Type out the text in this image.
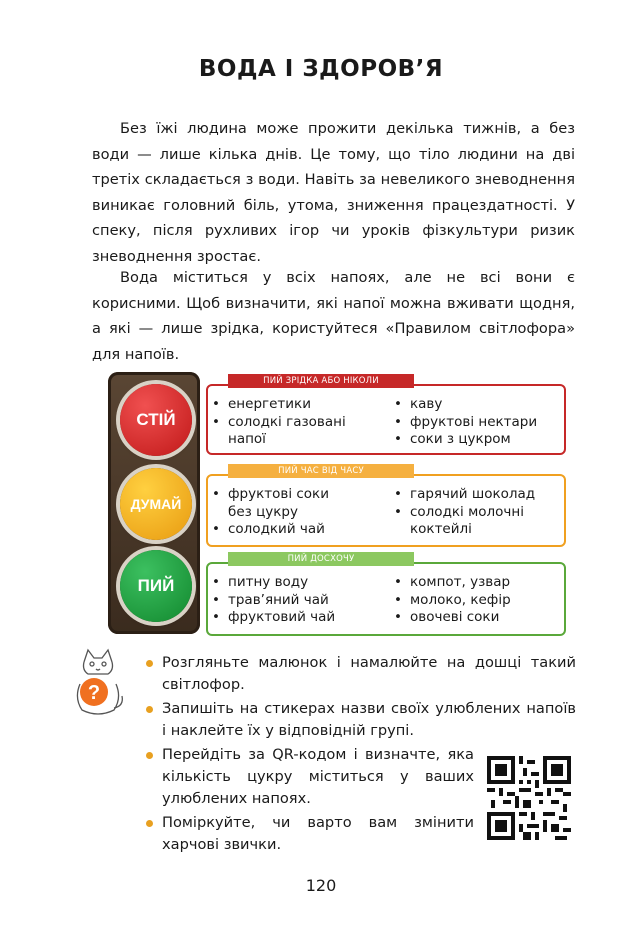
ВОДА І ЗДОРОВ’Я

Без їжі людина може прожити декілька тижнів, а без води — лише кілька днів. Це тому, що тіло людини на дві третіх складається з води. Навіть за невеликого зневоднення виникає головний біль, утома, зниження працездатності. У спеку, після рухливих ігор чи уроків фізкультури ризик зневоднення зростає.

Вода міститься у всіх напоях, але не всі вони є корисними. Щоб визначити, які напої можна вживати щодня, а які — лише зрідка, користуйтеся «Правилом світлофора» для напоїв.

СТІЙ
ДУМАЙ
ПИЙ
ПИЙ ЗРІДКА АБО НІКОЛИ
• енергетики
• солодкі газовані
напої
• каву
• фруктові нектари
• соки з цукром
ПИЙ ЧАС ВІД ЧАСУ
• фруктові соки
без цукру
• солодкий чай
• гарячий шоколад
• солодкі молочні
коктейлі
ПИЙ ДОСХОЧУ
• питну воду
• трав’яний чай
• фруктовий чай
• компот, узвар
• молоко, кефір
• овочеві соки
?
Розгляньте малюнок і намалюйте на дошці такий світлофор.
Запишіть на стикерах назви своїх улюблених напоїв і наклейте їх у відповідній групі.
Перейдіть за QR-кодом і визначте, яка кількість цукру міститься у ваших улюблених напоях.
Поміркуйте, чи варто вам змінити харчові звички.
120
